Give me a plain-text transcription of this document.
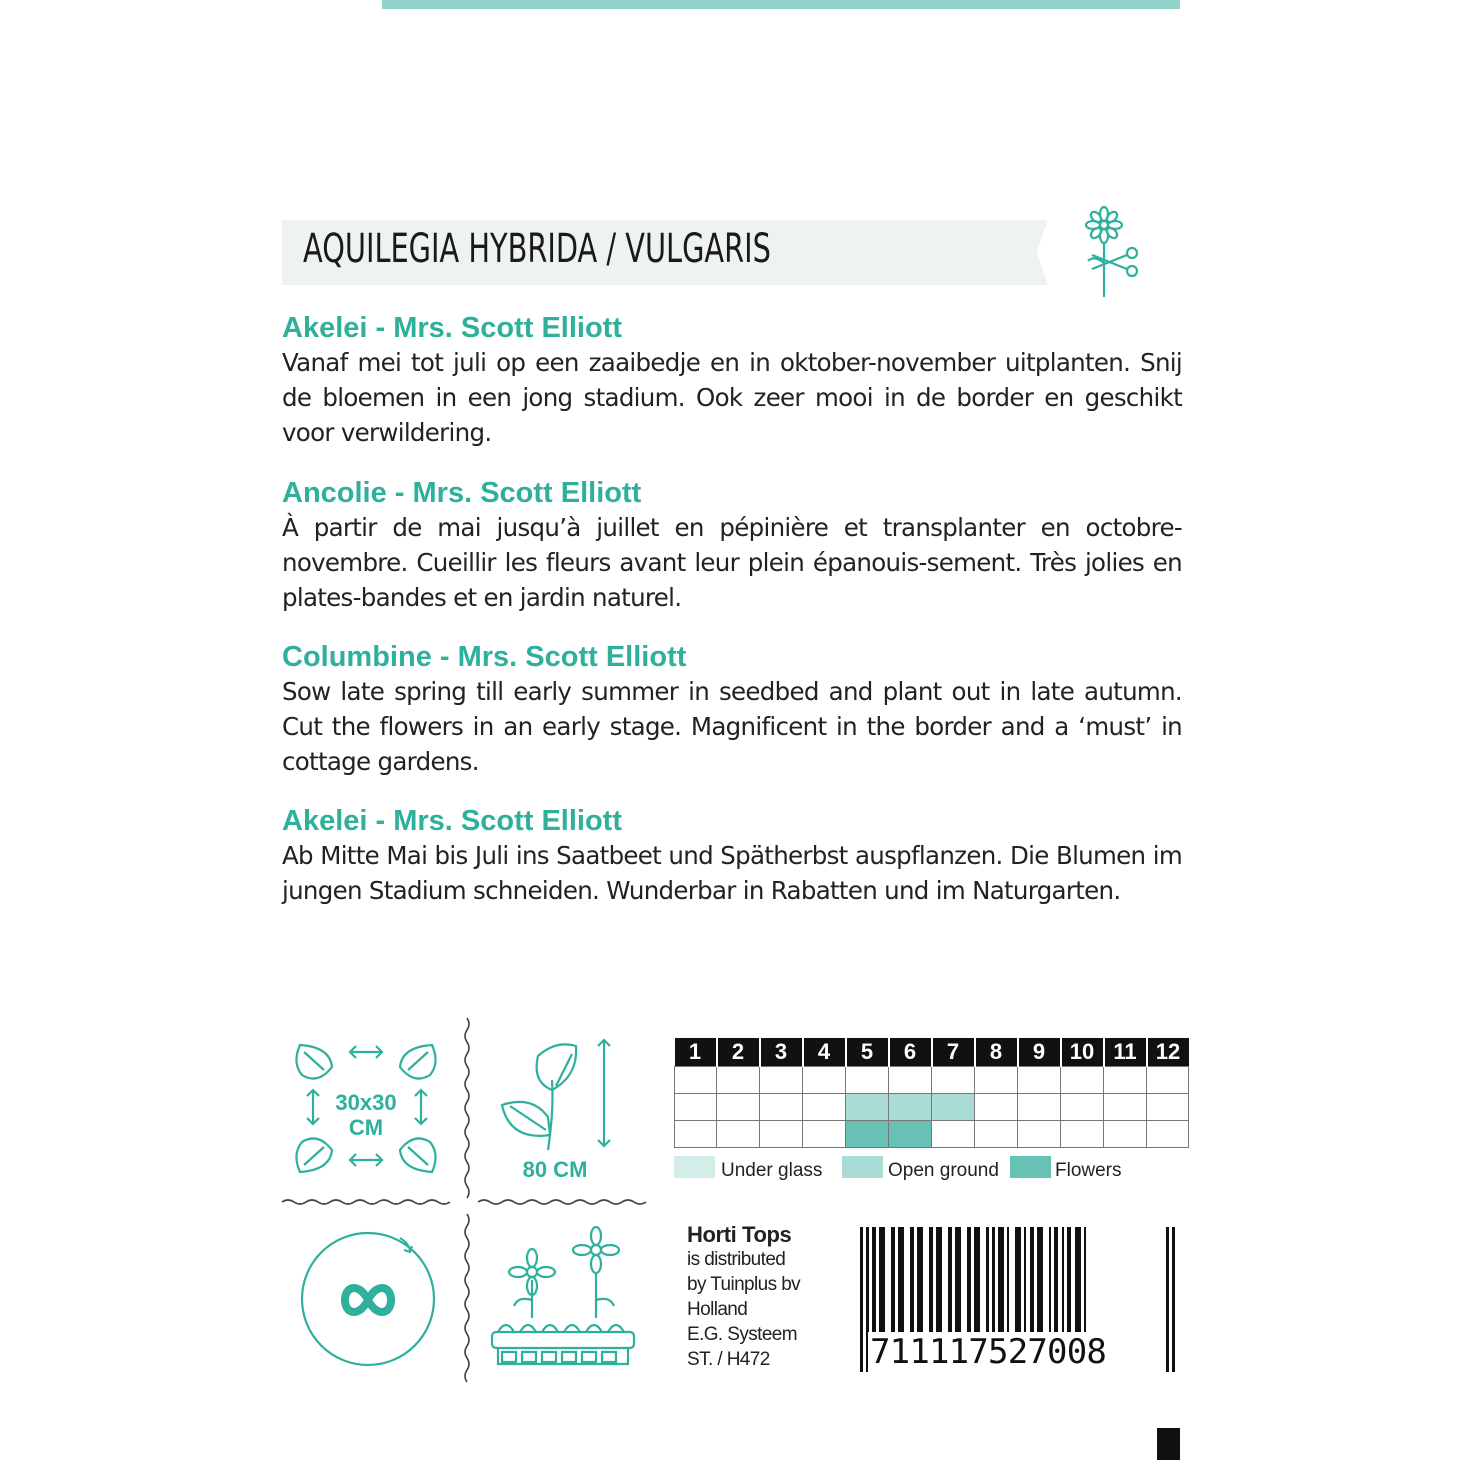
AQUILEGIA HYBRIDA / VULGARIS
Akelei - Mrs. Scott Elliott

Vanaf mei tot juli op een zaaibedje en in oktober-november uitplanten. Snij de bloemen in een jong stadium. Ook zeer mooi in de border en geschikt voor verwildering.

Ancolie - Mrs. Scott Elliott

À partir de mai jusqu’à juillet en pépinière et transplanter en octobre-novembre. Cueillir les fleurs avant leur plein épanouis-sement. Très jolies en plates-bandes et en jardin naturel.

Columbine - Mrs. Scott Elliott

Sow late spring till early summer in seedbed and plant out in late autumn. Cut the flowers in an early stage. Magnificent in the border and a ‘must’ in cottage gardens.

Akelei - Mrs. Scott Elliott

Ab Mitte Mai bis Juli ins Saatbeet und Spätherbst auspflanzen. Die Blumen im jungen Stadium schneiden. Wunderbar in Rabatten und im Naturgarten.

30x30
CM
80 CM
1	2	3	4	5	6	7	8	9	10	11	12

Under glass	Open ground	Flowers
Horti Tops
is distributed
by Tuinplus bv
Holland
E.G. Systeem
ST. / H472	711117527008
